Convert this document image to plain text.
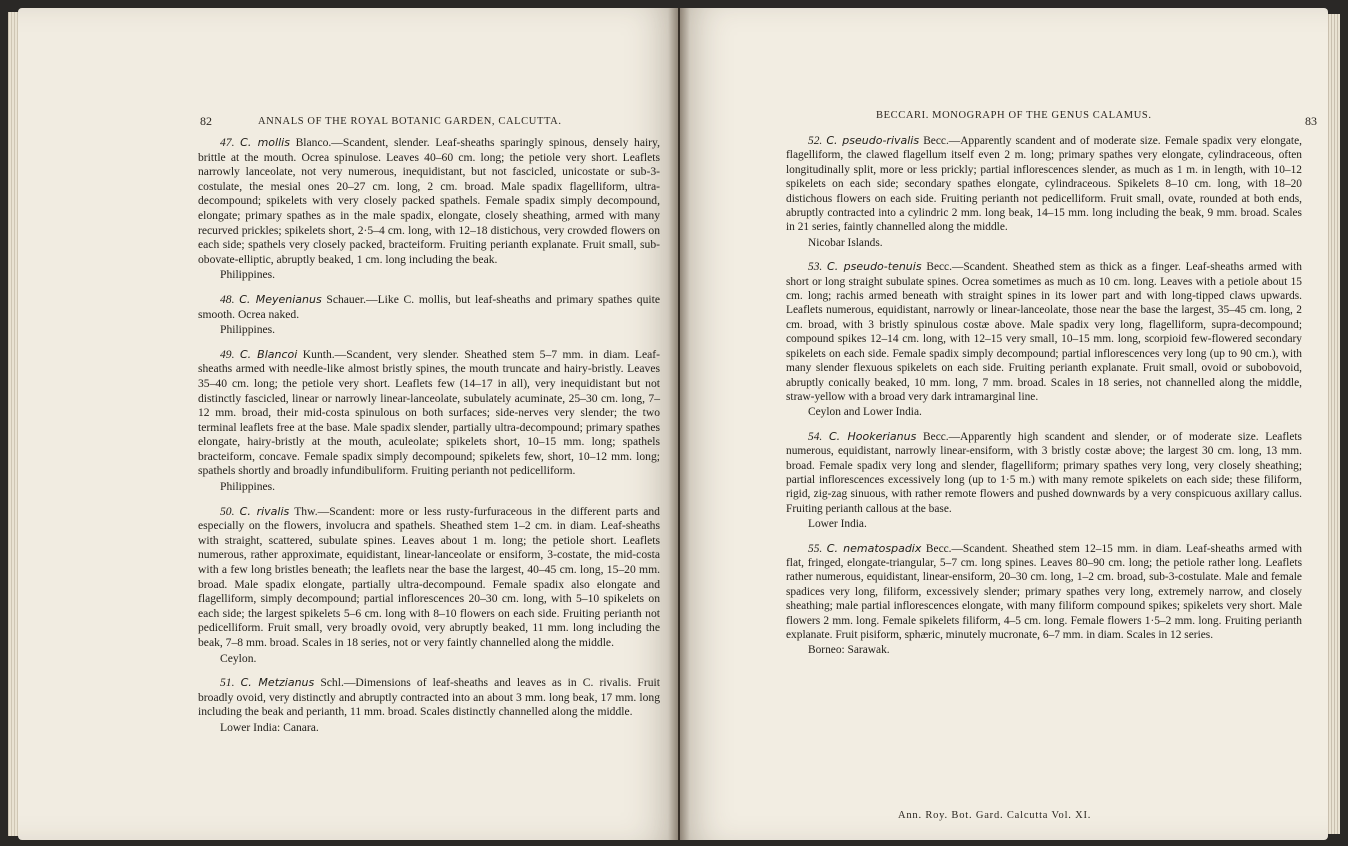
82	ANNALS OF THE ROYAL BOTANIC GARDEN, CALCUTTA.

47. C. mollis Blanco.—Scandent, slender. Leaf-sheaths sparingly spinous, densely hairy, brittle at the mouth. Ocrea spinulose. Leaves 40–60 cm. long; the petiole very short. Leaflets narrowly lanceolate, not very numerous, inequidistant, but not fascicled, unicostate or sub-3-costulate, the mesial ones 20–27 cm. long, 2 cm. broad. Male spadix flagelliform, ultra-decompound; spikelets with very closely packed spathels. Female spadix simply decompound, elongate; primary spathes as in the male spadix, elongate, closely sheathing, armed with many recurved prickles; spikelets short, 2·5–4 cm. long, with 12–18 distichous, very crowded flowers on each side; spathels very closely packed, bracteiform. Fruiting perianth explanate. Fruit small, sub-obovate-elliptic, abruptly beaked, 1 cm. long including the beak.
Philippines.

48. C. Meyenianus Schauer.—Like C. mollis, but leaf-sheaths and primary spathes quite smooth. Ocrea naked.
Philippines.

49. C. Blancoi Kunth.—Scandent, very slender. Sheathed stem 5–7 mm. in diam. Leaf-sheaths armed with needle-like almost bristly spines, the mouth truncate and hairy-bristly. Leaves 35–40 cm. long; the petiole very short. Leaflets few (14–17 in all), very inequidistant but not distinctly fascicled, linear or narrowly linear-lanceolate, subulately acuminate, 25–30 cm. long, 7–12 mm. broad, their mid-costa spinulous on both surfaces; side-nerves very slender; the two terminal leaflets free at the base. Male spadix slender, partially ultra-decompound; primary spathes elongate, hairy-bristly at the mouth, aculeolate; spikelets short, 10–15 mm. long; spathels bracteiform, concave. Female spadix simply decompound; spikelets few, short, 10–12 mm. long; spathels shortly and broadly infundibuliform. Fruiting perianth not pedicelliform.
Philippines.

50. C. rivalis Thw.—Scandent: more or less rusty-furfuraceous in the different parts and especially on the flowers, involucra and spathels. Sheathed stem 1–2 cm. in diam. Leaf-sheaths with straight, scattered, subulate spines. Leaves about 1 m. long; the petiole short. Leaflets numerous, rather approximate, equidistant, linear-lanceolate or ensiform, 3-costate, the mid-costa with a few long bristles beneath; the leaflets near the base the largest, 40–45 cm. long, 15–20 mm. broad. Male spadix elongate, partially ultra-decompound. Female spadix also elongate and flagelliform, simply decompound; partial inflorescences 20–30 cm. long, with 5–10 spikelets on each side; the largest spikelets 5–6 cm. long with 8–10 flowers on each side. Fruiting perianth not pedicelliform. Fruit small, very broadly ovoid, very abruptly beaked, 11 mm. long including the beak, 7–8 mm. broad. Scales in 18 series, not or very faintly channelled along the middle.
Ceylon.

51. C. Metzianus Schl.—Dimensions of leaf-sheaths and leaves as in C. rivalis. Fruit broadly ovoid, very distinctly and abruptly contracted into an about 3 mm. long beak, 17 mm. long including the beak and perianth, 11 mm. broad. Scales distinctly channelled along the middle.
Lower India: Canara.

BECCARI. MONOGRAPH OF THE GENUS CALAMUS.	83

52. C. pseudo-rivalis Becc.—Apparently scandent and of moderate size. Female spadix very elongate, flagelliform, the clawed flagellum itself even 2 m. long; primary spathes very elongate, cylindraceous, often longitudinally split, more or less prickly; partial inflorescences slender, as much as 1 m. in length, with 10–12 spikelets on each side; secondary spathes elongate, cylindraceous. Spikelets 8–10 cm. long, with 18–20 distichous flowers on each side. Fruiting perianth not pedicelliform. Fruit small, ovate, rounded at both ends, abruptly contracted into a cylindric 2 mm. long beak, 14–15 mm. long including the beak, 9 mm. broad. Scales in 21 series, faintly channelled along the middle.
Nicobar Islands.

53. C. pseudo-tenuis Becc.—Scandent. Sheathed stem as thick as a finger. Leaf-sheaths armed with short or long straight subulate spines. Ocrea sometimes as much as 10 cm. long. Leaves with a petiole about 15 cm. long; rachis armed beneath with straight spines in its lower part and with long-tipped claws upwards. Leaflets numerous, equidistant, narrowly or linear-lanceolate, those near the base the largest, 35–45 cm. long, 2 cm. broad, with 3 bristly spinulous costæ above. Male spadix very long, flagelliform, supra-decompound; compound spikes 12–14 cm. long, with 12–15 very small, 10–15 mm. long, scorpioid few-flowered secondary spikelets on each side. Female spadix simply decompound; partial inflorescences very long (up to 90 cm.), with many slender flexuous spikelets on each side. Fruiting perianth explanate. Fruit small, ovoid or subobovoid, abruptly conically beaked, 10 mm. long, 7 mm. broad. Scales in 18 series, not channelled along the middle, straw-yellow with a broad very dark intramarginal line.
Ceylon and Lower India.

54. C. Hookerianus Becc.—Apparently high scandent and slender, or of moderate size. Leaflets numerous, equidistant, narrowly linear-ensiform, with 3 bristly costæ above; the largest 30 cm. long, 13 mm. broad. Female spadix very long and slender, flagelliform; primary spathes very long, very closely sheathing; partial inflorescences excessively long (up to 1·5 m.) with many remote spikelets on each side; these filiform, rigid, zig-zag sinuous, with rather remote flowers and pushed downwards by a very conspicuous axillary callus. Fruiting perianth callous at the base.
Lower India.

55. C. nematospadix Becc.—Scandent. Sheathed stem 12–15 mm. in diam. Leaf-sheaths armed with flat, fringed, elongate-triangular, 5–7 cm. long spines. Leaves 80–90 cm. long; the petiole rather long. Leaflets rather numerous, equidistant, linear-ensiform, 20–30 cm. long, 1–2 cm. broad, sub-3-costulate. Male and female spadices very long, filiform, excessively slender; primary spathes very long, extremely narrow, and closely sheathing; male partial inflorescences elongate, with many filiform compound spikes; spikelets very short. Male flowers 2 mm. long. Female spikelets filiform, 4–5 cm. long. Female flowers 1·5–2 mm. long. Fruiting perianth explanate. Fruit pisiform, sphæric, minutely mucronate, 6–7 mm. in diam. Scales in 12 series.
Borneo: Sarawak.

Ann. Roy. Bot. Gard. Calcutta Vol. XI.
